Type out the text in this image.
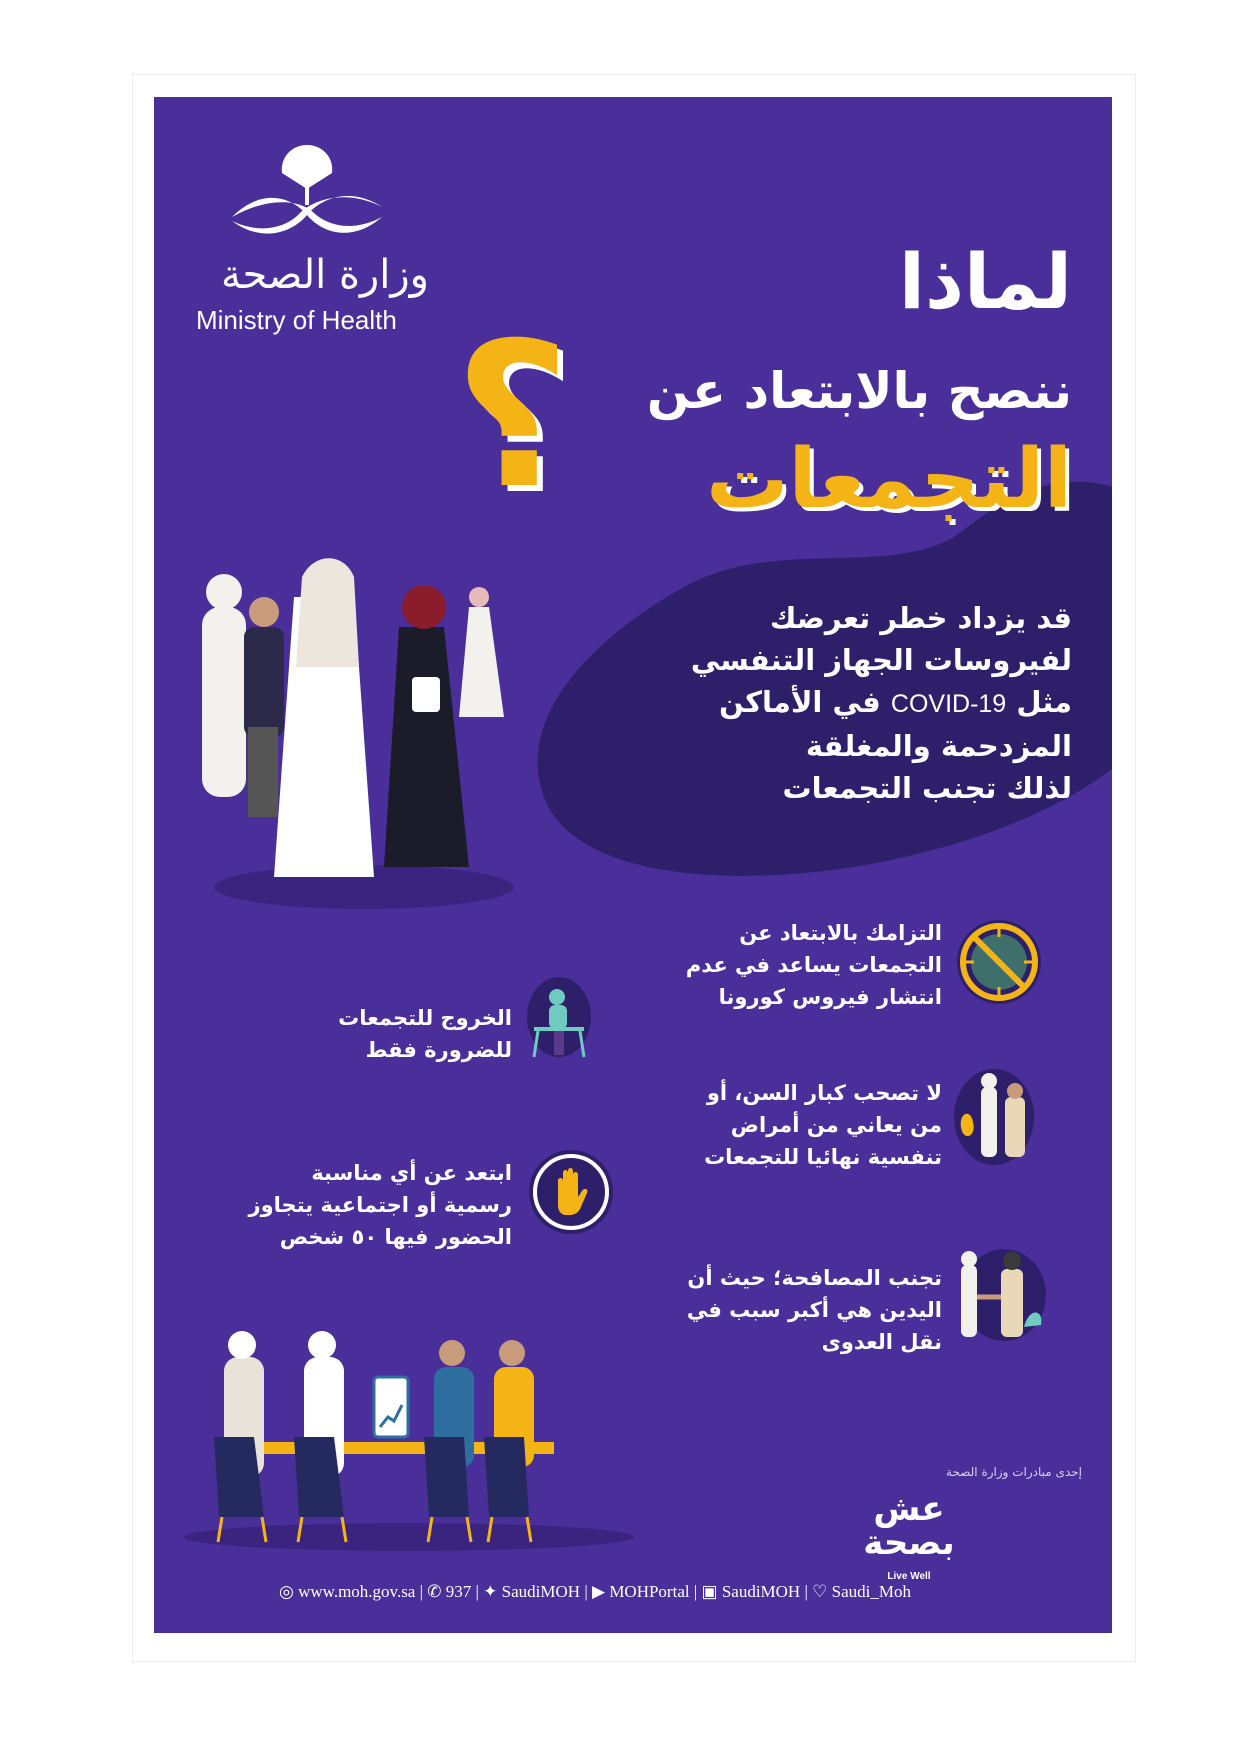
وزارة الصحة
Ministry of Health	لماذا
ننصح بالابتعاد عن
التجمعات
؟
قد يزداد خطر تعرضك
لفيروسات الجهاز التنفسي
مثل COVID-19 في الأماكن
المزدحمة والمغلقة
لذلك تجنب التجمعات
التزامك بالابتعاد عن
التجمعات يساعد في عدم
انتشار فيروس كورونا
الخروج للتجمعات
للضرورة فقط
لا تصحب كبار السن، أو
من يعاني من أمراض
تنفسية نهائيا للتجمعات
ابتعد عن أي مناسبة
رسمية أو اجتماعية يتجاوز
الحضور فيها ٥٠ شخص
تجنب المصافحة؛ حيث أن
اليدين هي أكبر سبب في
نقل العدوى
إحدى مبادرات وزارة الصحة
عش
بصحة
Live Well
◎ www.moh.gov.sa | ✆ 937 | ✦ SaudiMOH | ▶ MOHPortal | ▣ SaudiMOH | ♡ Saudi_Moh
